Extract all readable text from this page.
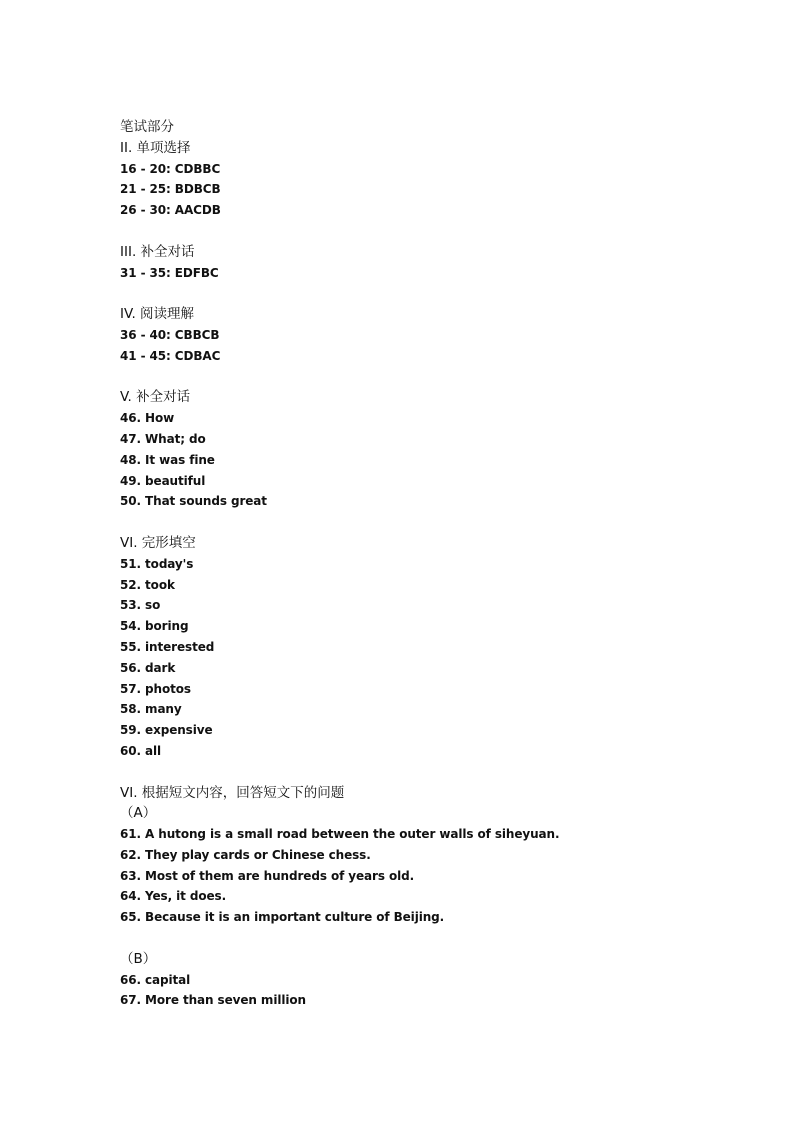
笔试部分
II. 单项选择
16 - 20: CDBBC
21 - 25: BDBCB
26 - 30: AACDB
III. 补全对话
31 - 35: EDFBC
IV. 阅读理解
36 - 40: CBBCB
41 - 45: CDBAC
V. 补全对话
46. How
47. What; do
48. It was fine
49. beautiful
50. That sounds great
VI. 完形填空
51. today's
52. took
53. so
54. boring
55. interested
56. dark
57. photos
58. many
59. expensive
60. all
VI. 根据短文内容，回答短文下的问题
（A）
61. A hutong is a small road between the outer walls of siheyuan.
62. They play cards or Chinese chess.
63. Most of them are hundreds of years old.
64. Yes, it does.
65. Because it is an important culture of Beijing.
（B）
66. capital
67. More than seven million
